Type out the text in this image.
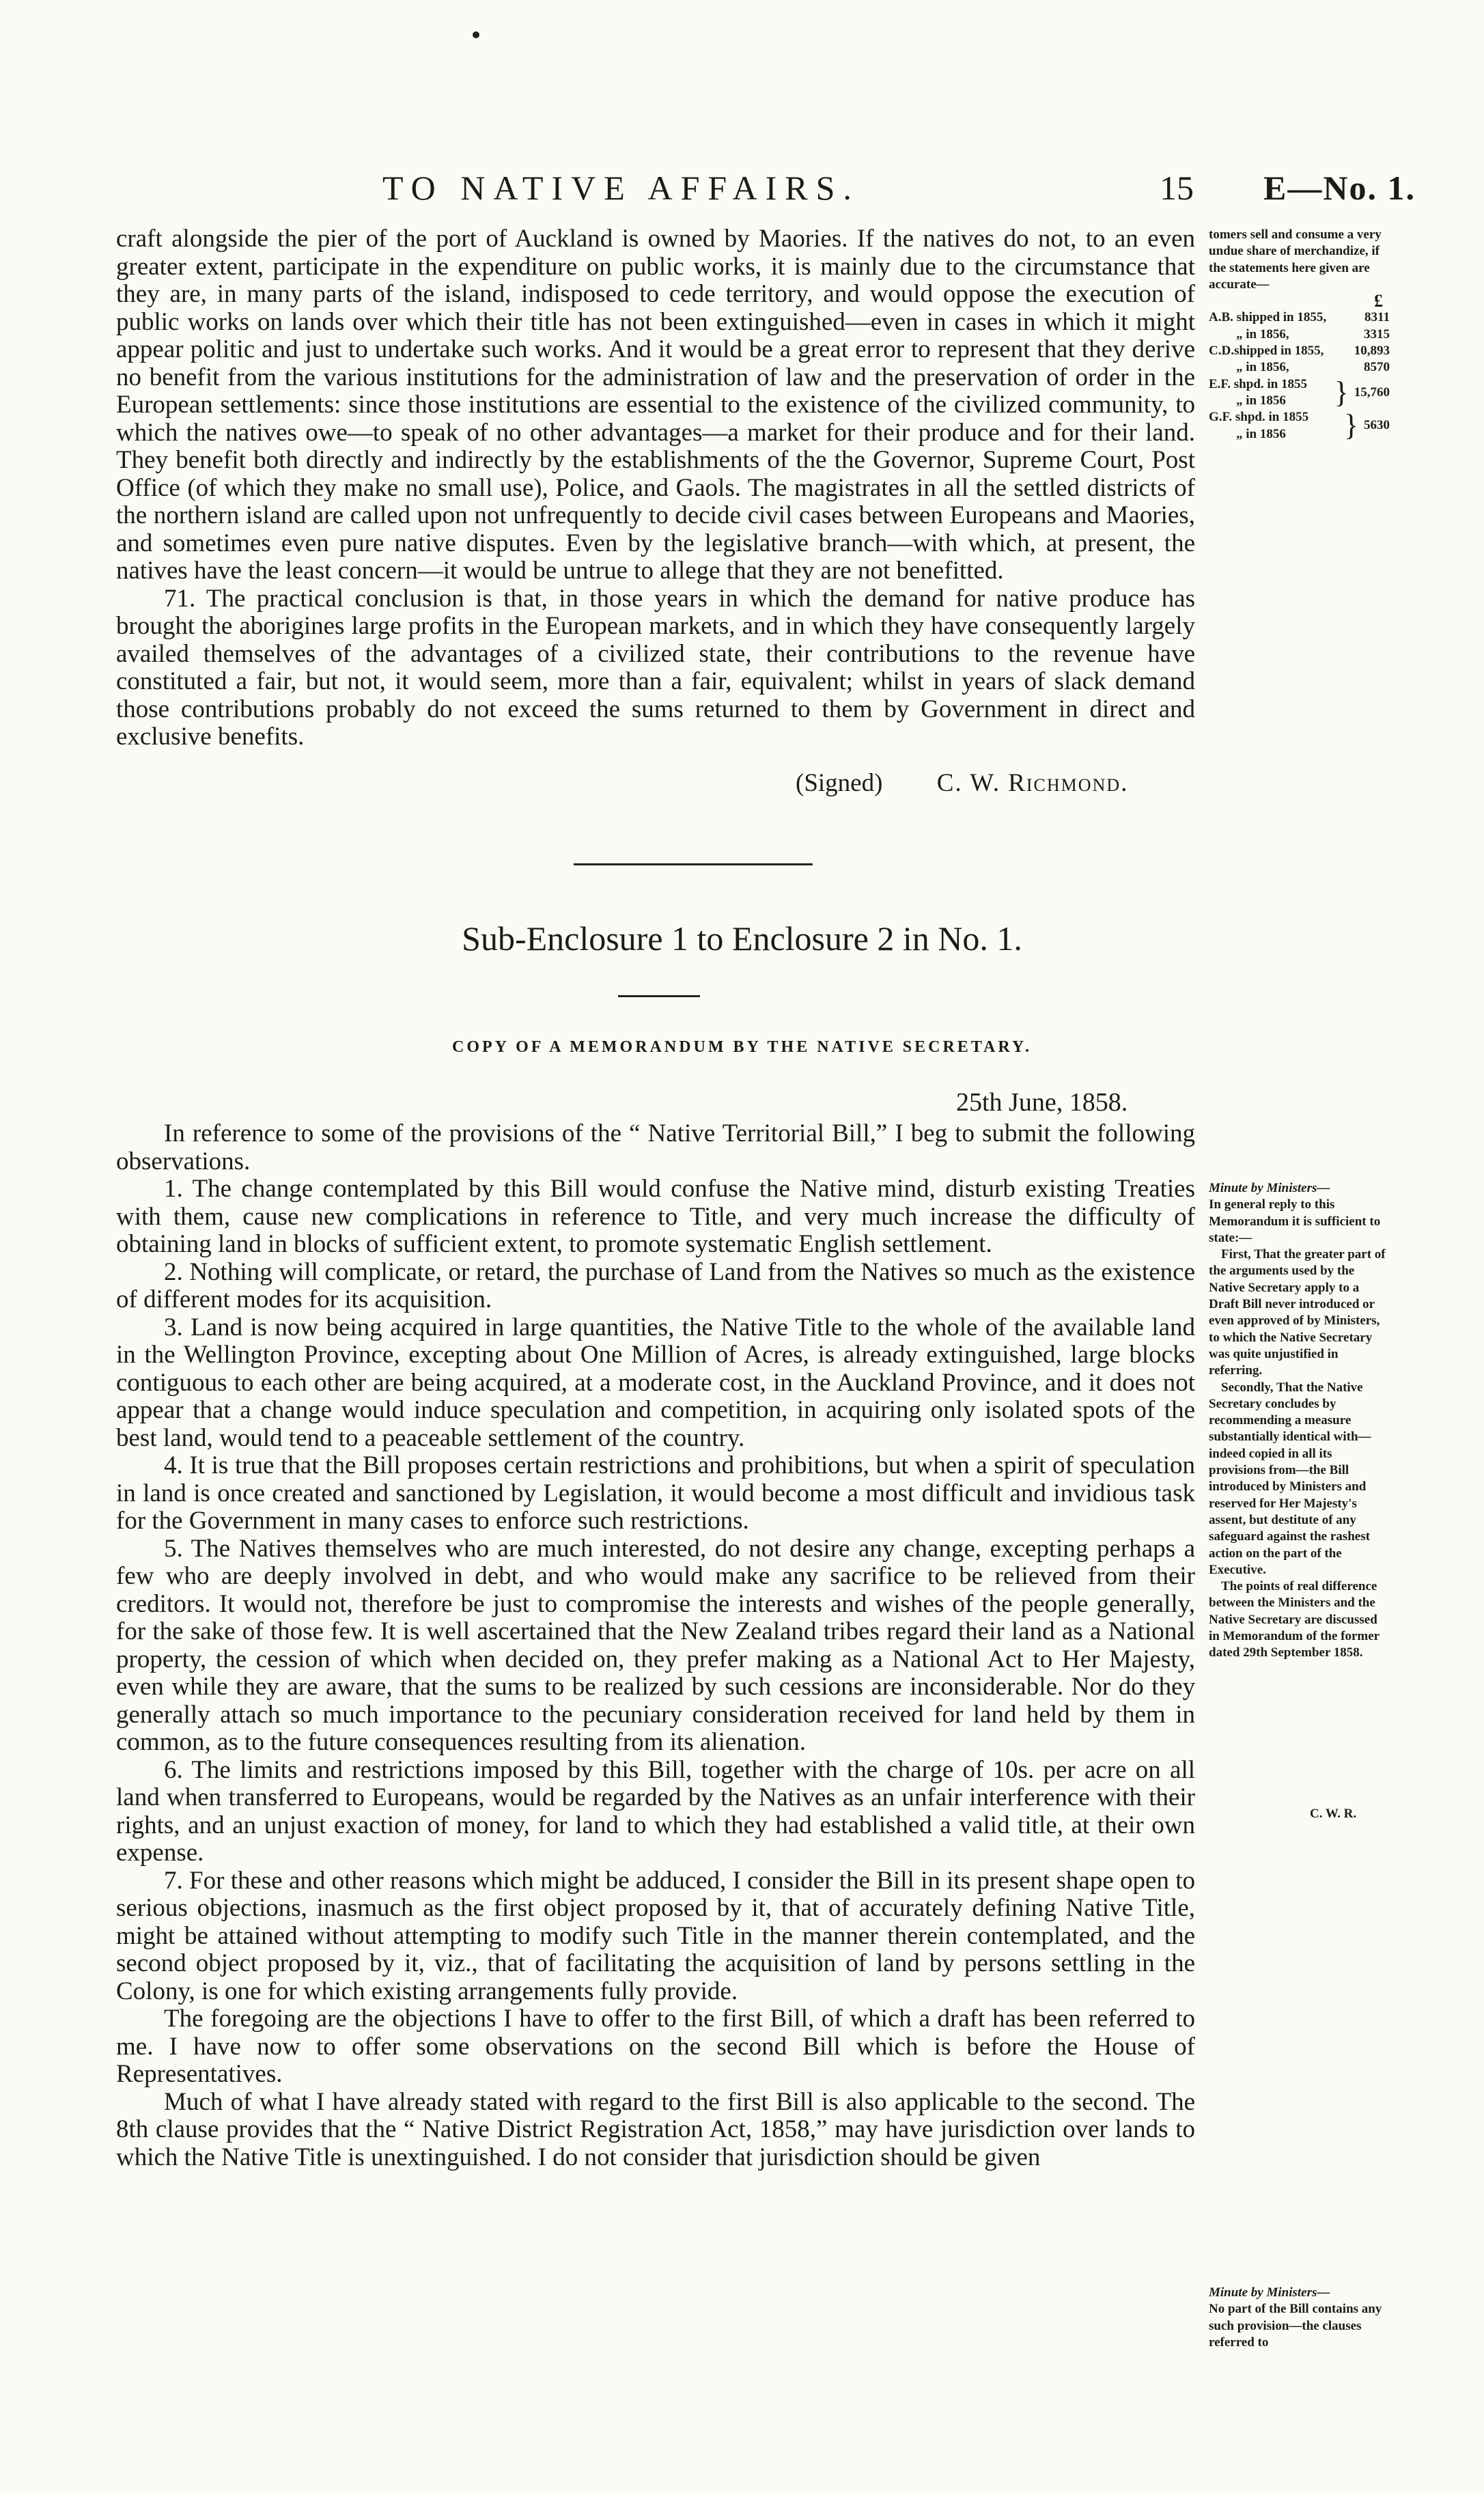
TO NATIVE AFFAIRS.	15 E—No. 1.

craft alongside the pier of the port of Auckland is owned by Maories. If the natives do not, to an even greater extent, participate in the expenditure on public works, it is mainly due to the circumstance that they are, in many parts of the island, indisposed to cede territory, and would oppose the execution of public works on lands over which their title has not been extinguished—even in cases in which it might appear politic and just to undertake such works. And it would be a great error to represent that they derive no benefit from the various institutions for the administration of law and the preservation of order in the European settlements: since those institutions are essential to the existence of the civilized community, to which the natives owe—to speak of no other advantages—a market for their produce and for their land. They benefit both directly and indirectly by the establishments of the the Governor, Supreme Court, Post Office (of which they make no small use), Police, and Gaols. The magistrates in all the settled districts of the northern island are called upon not unfrequently to decide civil cases between Europeans and Maories, and sometimes even pure native disputes. Even by the legislative branch—with which, at present, the natives have the least concern—it would be untrue to allege that they are not benefitted.

71. The practical conclusion is that, in those years in which the demand for native produce has brought the aborigines large profits in the European markets, and in which they have consequently largely availed themselves of the advantages of a civilized state, their contributions to the revenue have constituted a fair, but not, it would seem, more than a fair, equivalent; whilst in years of slack demand those contributions probably do not exceed the sums returned to them by Government in direct and exclusive benefits.

(Signed) C. W. Richmond.

tomers sell and consume a very undue share of merchandize, if the statements here given are accurate—

£

A.B. shipped in 1855,	8311
„ in 1856,	3315
C.D.shipped in 1855, 10,893
„ in 1856,	8570
E.F. shpd. in 1855
„ in 1856	} 15,760
G.F. shpd. in 1855
„ in 1856	} 5630
Sub-Enclosure 1 to Enclosure 2 in No. 1.
COPY OF A MEMORANDUM BY THE NATIVE SECRETARY.
25th June, 1858.

In reference to some of the provisions of the “ Native Territorial Bill,” I beg to submit the following observations.

1. The change contemplated by this Bill would confuse the Native mind, disturb existing Treaties with them, cause new complications in reference to Title, and very much increase the difficulty of obtaining land in blocks of sufficient extent, to promote systematic English settlement.

2. Nothing will complicate, or retard, the purchase of Land from the Natives so much as the existence of different modes for its acquisition.

3. Land is now being acquired in large quantities, the Native Title to the whole of the available land in the Wellington Province, excepting about One Million of Acres, is already extinguished, large blocks contiguous to each other are being acquired, at a moderate cost, in the Auckland Province, and it does not appear that a change would induce speculation and competition, in acquiring only isolated spots of the best land, would tend to a peaceable settlement of the country.

4. It is true that the Bill proposes certain restrictions and prohibitions, but when a spirit of speculation in land is once created and sanctioned by Legislation, it would become a most difficult and invidious task for the Government in many cases to enforce such restrictions.

5. The Natives themselves who are much interested, do not desire any change, excepting perhaps a few who are deeply involved in debt, and who would make any sacrifice to be relieved from their creditors. It would not, therefore be just to compromise the interests and wishes of the people generally, for the sake of those few. It is well ascertained that the New Zealand tribes regard their land as a National property, the cession of which when decided on, they prefer making as a National Act to Her Majesty, even while they are aware, that the sums to be realized by such cessions are inconsiderable. Nor do they generally attach so much importance to the pecuniary consideration received for land held by them in common, as to the future consequences resulting from its alienation.

6. The limits and restrictions imposed by this Bill, together with the charge of 10s. per acre on all land when transferred to Europeans, would be regarded by the Natives as an unfair interference with their rights, and an unjust exaction of money, for land to which they had established a valid title, at their own expense.

7. For these and other reasons which might be adduced, I consider the Bill in its present shape open to serious objections, inasmuch as the first object proposed by it, that of accurately defining Native Title, might be attained without attempting to modify such Title in the manner therein contemplated, and the second object proposed by it, viz., that of facilitating the acquisition of land by persons settling in the Colony, is one for which existing arrangements fully provide.

The foregoing are the objections I have to offer to the first Bill, of which a draft has been referred to me. I have now to offer some observations on the second Bill which is before the House of Representatives.

Much of what I have already stated with regard to the first Bill is also applicable to the second. The 8th clause provides that the “ Native District Registration Act, 1858,” may have jurisdiction over lands to which the Native Title is unextinguished. I do not consider that jurisdiction should be given

Minute by Ministers—

In general reply to this Memorandum it is sufficient to state:—

First, That the greater part of the arguments used by the Native Secretary apply to a Draft Bill never introduced or even approved of by Ministers, to which the Native Secretary was quite unjustified in referring.

Secondly, That the Native Secretary concludes by recommending a measure substantially identical with—indeed copied in all its provisions from—the Bill introduced by Ministers and reserved for Her Majesty's assent, but destitute of any safeguard against the rashest action on the part of the Executive.

The points of real difference between the Ministers and the Native Secretary are discussed in Memorandum of the former dated 29th September 1858.

C. W. R.

Minute by Ministers—

No part of the Bill contains any such provision—the clauses referred to
